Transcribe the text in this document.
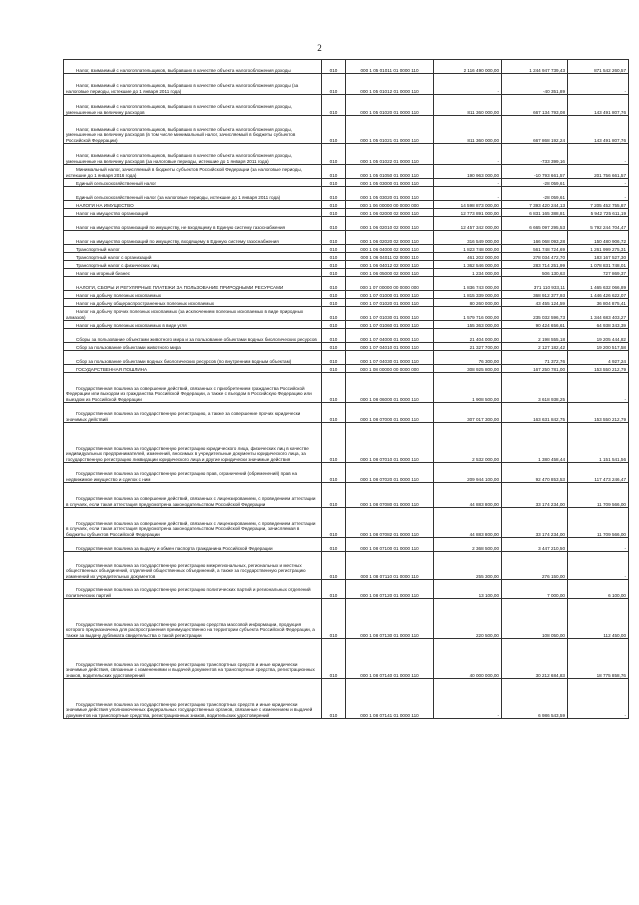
2
Налог, взимаемый с налогоплательщиков, выбравших в качестве объекта налогообложения доходы	010	000 1 05 01011 01 0000 110	2 116 490 000,00	1 244 947 739,43	871 542 260,57
Налог, взимаемый с налогоплательщиков, выбравших в качестве объекта налогообложения доходы (за налоговые периоды, истекшие до 1 января 2011 года)	010	000 1 05 01012 01 0000 110	-	-40 351,89	-
Налог, взимаемый с налогоплательщиков, выбравших в качестве объекта налогообложения доходы, уменьшенные на величину расходов	010	000 1 05 01020 01 0000 110	811 360 000,00	667 134 793,08	143 491 807,76
Налог, взимаемый с налогоплательщиков, выбравших в качестве объекта налогообложения доходы, уменьшенные на величину расходов (в том числе минимальный налог, зачисляемый в бюджеты субъектов Российской Федерации)	010	000 1 05 01021 01 0000 110	811 360 000,00	667 868 192,24	143 491 807,76
Налог, взимаемый с налогоплательщиков, выбравших в качестве объекта налогообложения доходы, уменьшенные на величину расходов (за налоговые периоды, истекшие до 1 января 2011 года)	010	000 1 05 01022 01 0000 110	-	-733 399,16	-
Минимальный налог, зачисляемый в бюджеты субъектов Российской Федерации (за налоговые периоды, истекшие до 1 января 2016 года)	010	000 1 05 01050 01 0000 110	190 963 000,00	-10 793 661,57	201 756 661,57
Единый сельскохозяйственный налог	010	000 1 05 03000 01 0000 110	-	-28 059,61	-
Единый сельскохозяйственный налог (за налоговые периоды, истекшие до 1 января 2011 года)	010	000 1 05 03020 01 0000 110	-	-28 059,61	-
НАЛОГИ НА ИМУЩЕСТВО	010	000 1 06 00000 00 0000 000	14 598 873 000,00	7 393 420 244,13	7 205 452 755,87
Налог на имущество организаций	010	000 1 06 02000 02 0000 110	12 773 891 000,00	6 831 165 388,81	5 942 725 611,19
Налог на имущество организаций по имуществу, не входящему в Единую систему газоснабжения	010	000 1 06 02010 02 0000 110	12 457 342 000,00	6 665 097 295,53	5 792 244 704,47
Налог на имущество организаций по имуществу, входящему в Единую систему газоснабжения	010	000 1 06 02020 02 0000 110	316 549 000,00	166 068 093,28	150 480 906,72
Транспортный налог	010	000 1 06 04000 02 0000 110	1 823 748 000,00	561 748 724,69	1 261 999 275,31
Транспортный налог с организаций	010	000 1 06 04011 02 0000 110	461 202 000,00	278 034 472,70	183 167 527,30
Транспортный налог с физических лиц	010	000 1 06 04012 02 0000 110	1 362 546 000,00	283 714 251,99	1 078 831 748,01
Налог на игорный бизнес	010	000 1 06 05000 02 0000 110	1 234 000,00	506 130,63	727 869,37
НАЛОГИ, СБОРЫ И РЕГУЛЯРНЫЕ ПЛАТЕЖИ ЗА ПОЛЬЗОВАНИЕ ПРИРОДНЫМИ РЕСУРСАМИ	010	000 1 07 00000 00 0000 000	1 836 743 000,00	371 110 933,11	1 465 632 066,89
Налог на добычу полезных ископаемых	010	000 1 07 01000 01 0000 110	1 815 339 000,00	368 912 377,93	1 446 426 622,07
Налог на добычу общераспространенных полезных ископаемых	010	000 1 07 01020 01 0000 110	80 260 000,00	43 455 124,59	36 804 875,41
Налог на добычу прочих полезных ископаемых (за исключением полезных ископаемых в виде природных алмазов)	010	000 1 07 01030 01 0000 110	1 579 716 000,00	235 032 596,73	1 344 683 403,27
Налог на добычу полезных ископаемых в виде угля	010	000 1 07 01060 01 0000 110	155 363 000,00	90 424 656,61	64 938 343,39
Сборы за пользование объектами животного мира и за пользование объектами водных биологических ресурсов	010	000 1 07 04000 01 0000 110	21 404 000,00	2 198 555,18	19 205 444,82
Сбор за пользование объектами животного мира	010	000 1 07 04010 01 0000 110	21 327 700,00	2 127 182,42	19 200 517,58
Сбор за пользование объектами водных биологических ресурсов (по внутренним водным объектам)	010	000 1 07 04030 01 0000 110	76 300,00	71 372,76	4 927,24
ГОСУДАРСТВЕННАЯ ПОШЛИНА	010	000 1 08 00000 00 0000 000	308 925 800,00	167 250 781,00	153 550 212,79
Государственная пошлина за совершение действий, связанных с приобретением гражданства Российской Федерации или выходом из гражданства Российской Федерации, а также с въездом в Российскую Федерацию или выездом из Российской Федерации	010	000 1 08 06000 01 0000 110	1 908 500,00	3 618 938,25	-
Государственная пошлина за государственную регистрацию, а также за совершение прочих юридически значимых действий	010	000 1 08 07000 01 0000 110	307 017 300,00	163 631 842,75	153 550 212,79
Государственная пошлина за государственную регистрацию юридического лица, физических лиц в качестве индивидуальных предпринимателей, изменений, вносимых в учредительные документы юридического лица, за государственную регистрацию ликвидации юридического лица и другие юридически значимые действия	010	000 1 08 07010 01 0000 110	2 532 000,00	1 380 458,44	1 151 541,56
Государственная пошлина за государственную регистрацию прав, ограничений (обременений) прав на недвижимое имущество и сделок с ним	010	000 1 08 07020 01 0000 110	209 944 100,00	92 470 853,53	117 473 246,47
Государственная пошлина за совершение действий, связанных с лицензированием, с проведением аттестации в случаях, если такая аттестация предусмотрена законодательством Российской Федерации	010	000 1 08 07080 01 0000 110	44 883 800,00	33 174 234,00	11 709 566,00
Государственная пошлина за совершение действий, связанных с лицензированием, с проведением аттестации в случаях, если такая аттестация предусмотрена законодательством Российской Федерации, зачисляемая в бюджеты субъектов Российской Федерации	010	000 1 08 07082 01 0000 110	44 883 800,00	33 174 234,00	11 709 566,00
Государственная пошлина за выдачу и обмен паспорта гражданина Российской Федерации	010	000 1 08 07100 01 0000 110	2 368 500,00	3 447 210,50	-
Государственная пошлина за государственную регистрацию межрегиональных, региональных и местных общественных объединений, отделений общественных объединений, а также за государственную регистрацию изменений их учредительных документов	010	000 1 08 07110 01 0000 110	255 300,00	276 150,00	-
Государственная пошлина за государственную регистрацию политических партий и региональных отделений политических партий	010	000 1 08 07120 01 0000 110	13 100,00	7 000,00	6 100,00
Государственная пошлина за государственную регистрацию средства массовой информации, продукция которого предназначена для распространения преимущественно на территории субъекта Российской Федерации, а также за выдачу дубликата свидетельства о такой регистрации	010	000 1 08 07130 01 0000 110	220 500,00	108 050,00	112 450,00
Государственная пошлина за государственную регистрацию транспортных средств и иные юридически значимые действия, связанные с изменениями и выдачей документов на транспортные средства, регистрационных знаков, водительских удостоверений	010	000 1 08 07140 01 0000 110	40 000 000,00	30 212 684,83	18 775 858,76
Государственная пошлина за государственную регистрацию транспортных средств и иные юридически значимые действия уполномоченных федеральных государственных органов, связанные с изменением и выдачей документов на транспортные средства, регистрационных знаков, водительских удостоверений	010	000 1 08 07141 01 0000 110	-	6 986 543,59	-
